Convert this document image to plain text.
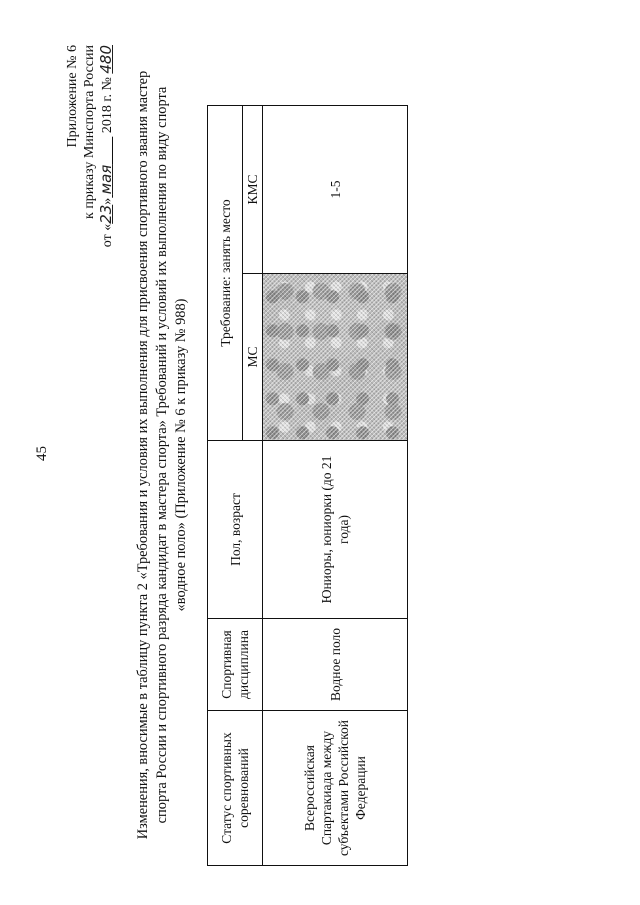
45
Приложение № 6 к приказу Минспорта России
от «23» мая         2018 г. № 480
Изменения, вносимые в таблицу пункта 2 «Требования и условия их выполнения для присвоения спортивного звания мастер спорта России и спортивного разряда кандидат в мастера спорта» Требований и условий их выполнения по виду спорта «водное поло» (Приложение № 6 к приказу № 988)
Статус спортивных соревнований	Спортивная дисциплина	Пол, возраст	Требование: занять место	
			МС	КМС
Всероссийская Спартакиада между субъектами Российской Федерации	Водное поло	Юниоры, юниорки (до 21 года)		1-5
